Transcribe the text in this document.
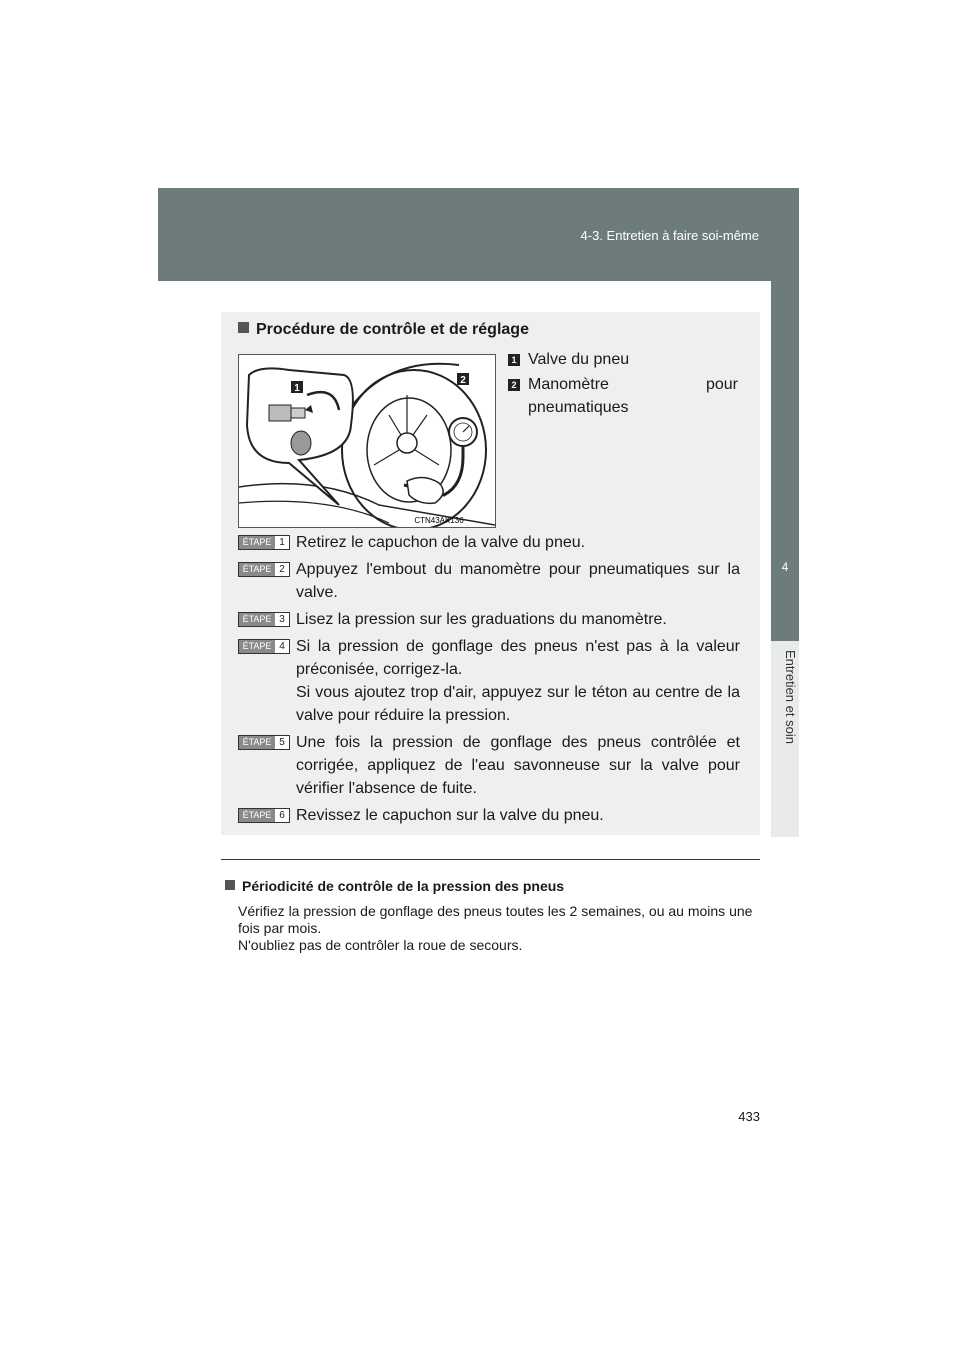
4-3. Entretien à faire soi-même
4
Entretien et soin
Procédure de contrôle et de réglage
1
2
CTN43AK136
1 Valve du pneu
2 Manomètre	pour
pneumatiques
ÉTAPE 1 Retirez le capuchon de la valve du pneu.
ÉTAPE 2 Appuyez l'embout du manomètre pour pneumatiques sur la valve.
ÉTAPE 3 Lisez la pression sur les graduations du manomètre.
ÉTAPE 4 Si la pression de gonflage des pneus n'est pas à la valeur préconisée, corrigez-la.
Si vous ajoutez trop d'air, appuyez sur le téton au centre de la valve pour réduire la pression.
ÉTAPE 5 Une fois la pression de gonflage des pneus contrôlée et corrigée, appliquez de l'eau savonneuse sur la valve pour vérifier l'absence de fuite.
ÉTAPE 6 Revissez le capuchon sur la valve du pneu.
Périodicité de contrôle de la pression des pneus
Vérifiez la pression de gonflage des pneus toutes les 2 semaines, ou au moins une fois par mois.
N'oubliez pas de contrôler la roue de secours.
433
